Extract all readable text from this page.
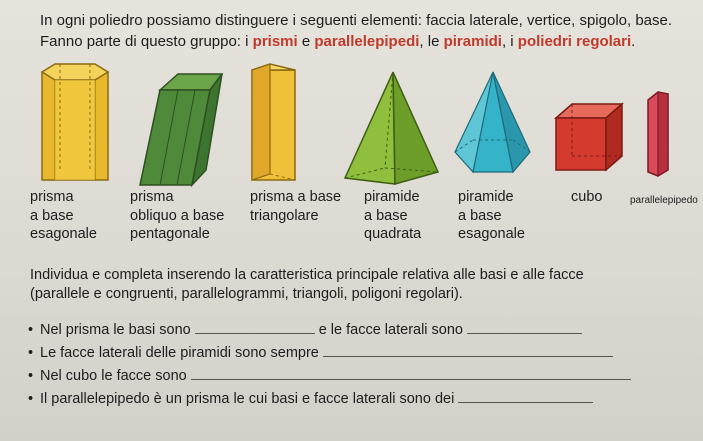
In ogni poliedro possiamo distinguere i seguenti elementi: faccia laterale, vertice, spigolo, base.
Fanno parte di questo gruppo: i prismi e parallelepipedi, le piramidi, i poliedri regolari.
prisma
a base
esagonale
prisma
obliquo a base
pentagonale
prisma a base
triangolare
piramide
a base
quadrata
piramide
a base
esagonale
cubo	parallelepipedo
Individua e completa inserendo la caratteristica principale relativa alle basi e alle facce
(parallele e congruenti, parallelogrammi, triangoli, poligoni regolari).
• Nel prisma le basi sono	e le facce laterali sono
• Le facce laterali delle piramidi sono sempre
• Nel cubo le facce sono
• Il parallelepipedo è un prisma le cui basi e facce laterali sono dei
